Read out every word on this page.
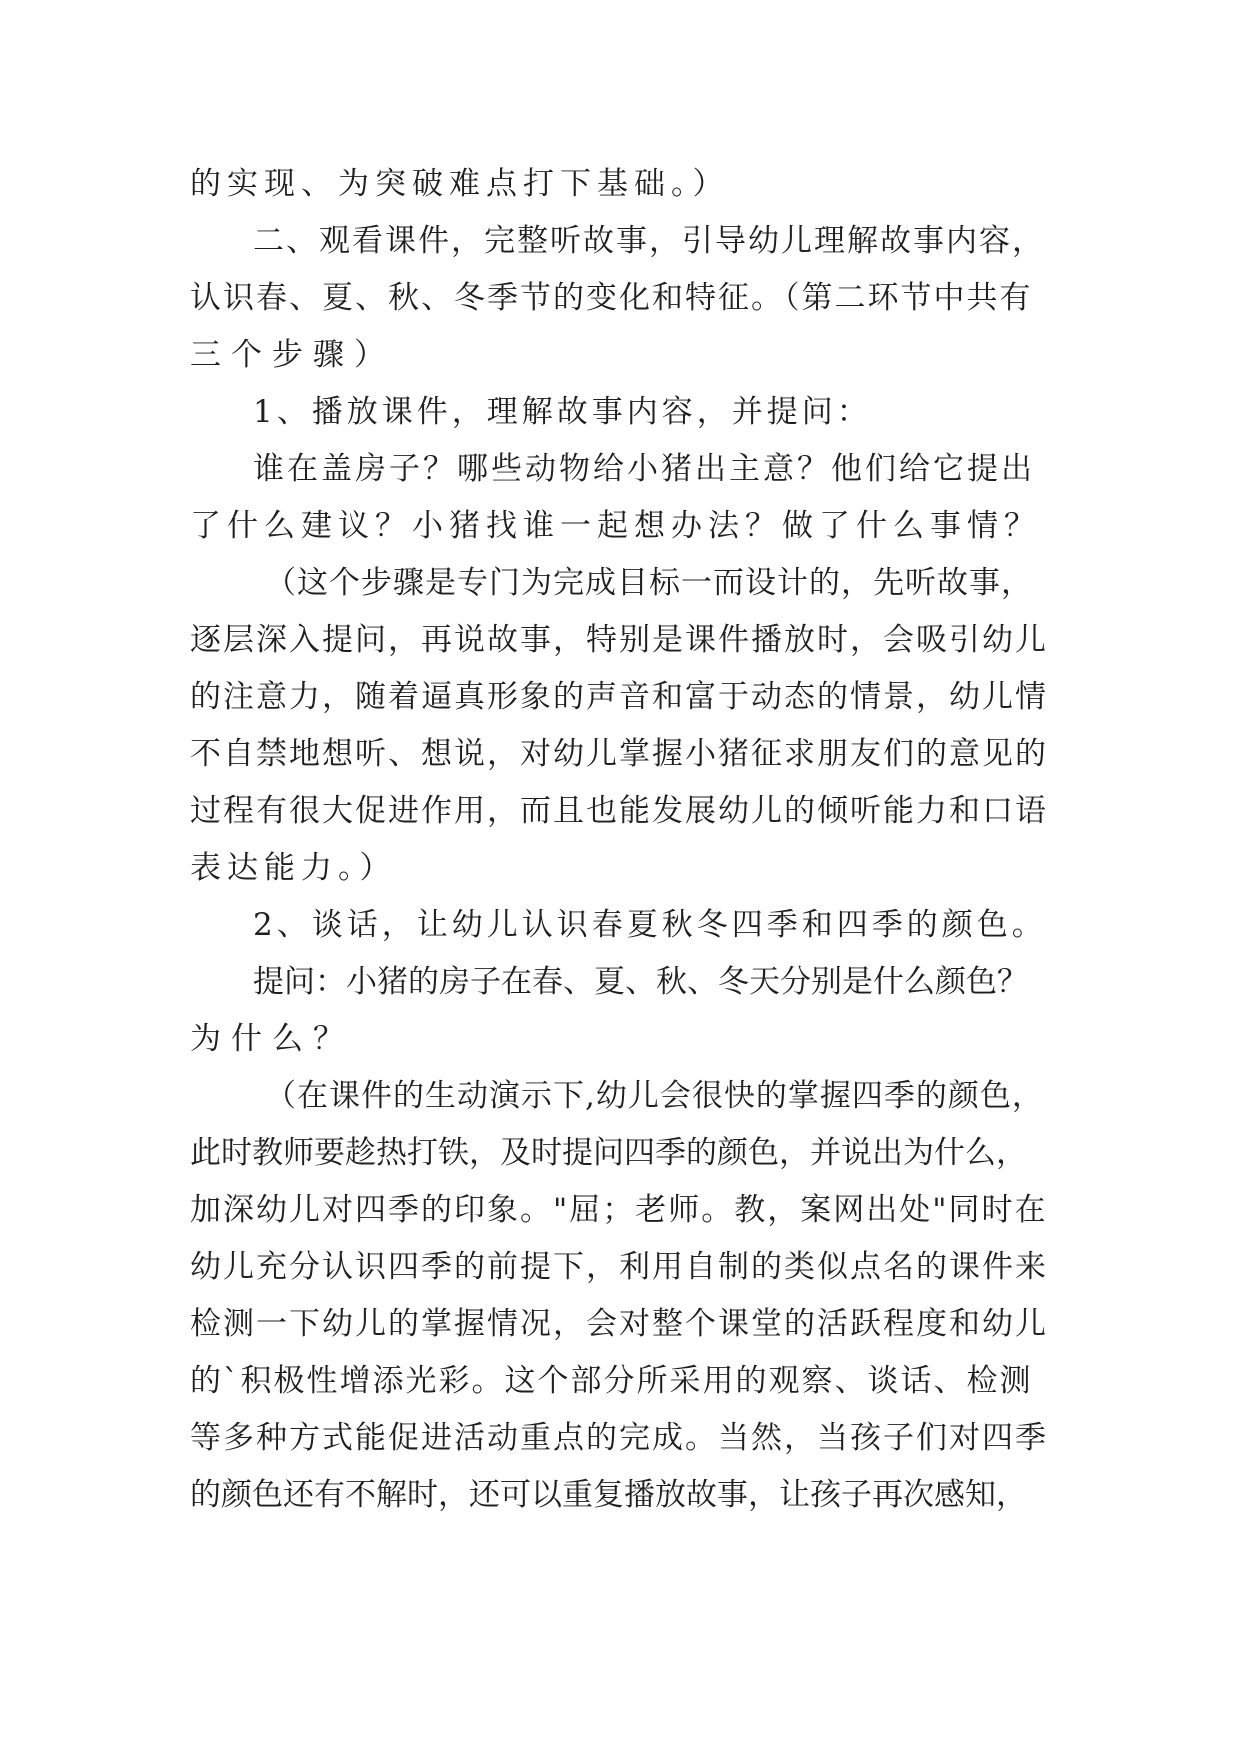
的实现、为突破难点打下基础。）
二、观看课件，完整听故事，引导幼儿理解故事内容，
认识春、夏、秋、冬季节的变化和特征。（第二环节中共有
三个步骤）
1、播放课件，理解故事内容，并提问：
谁在盖房子？哪些动物给小猪出主意？他们给它提出
了什么建议？小猪找谁一起想办法？做了什么事情？
（这个步骤是专门为完成目标一而设计的，先听故事，
逐层深入提问，再说故事，特别是课件播放时，会吸引幼儿
的注意力，随着逼真形象的声音和富于动态的情景，幼儿情
不自禁地想听、想说，对幼儿掌握小猪征求朋友们的意见的
过程有很大促进作用，而且也能发展幼儿的倾听能力和口语
表达能力。）
2、谈话，让幼儿认识春夏秋冬四季和四季的颜色。
提问：小猪的房子在春、夏、秋、冬天分别是什么颜色？
为什么？
（在课件的生动演示下,幼儿会很快的掌握四季的颜色，
此时教师要趁热打铁，及时提问四季的颜色，并说出为什么，
加深幼儿对四季的印象。"屈；老师。教，案网出处"同时在
幼儿充分认识四季的前提下，利用自制的类似点名的课件来
检测一下幼儿的掌握情况，会对整个课堂的活跃程度和幼儿
的`积极性增添光彩。这个部分所采用的观察、谈话、检测
等多种方式能促进活动重点的完成。当然，当孩子们对四季
的颜色还有不解时，还可以重复播放故事，让孩子再次感知，
